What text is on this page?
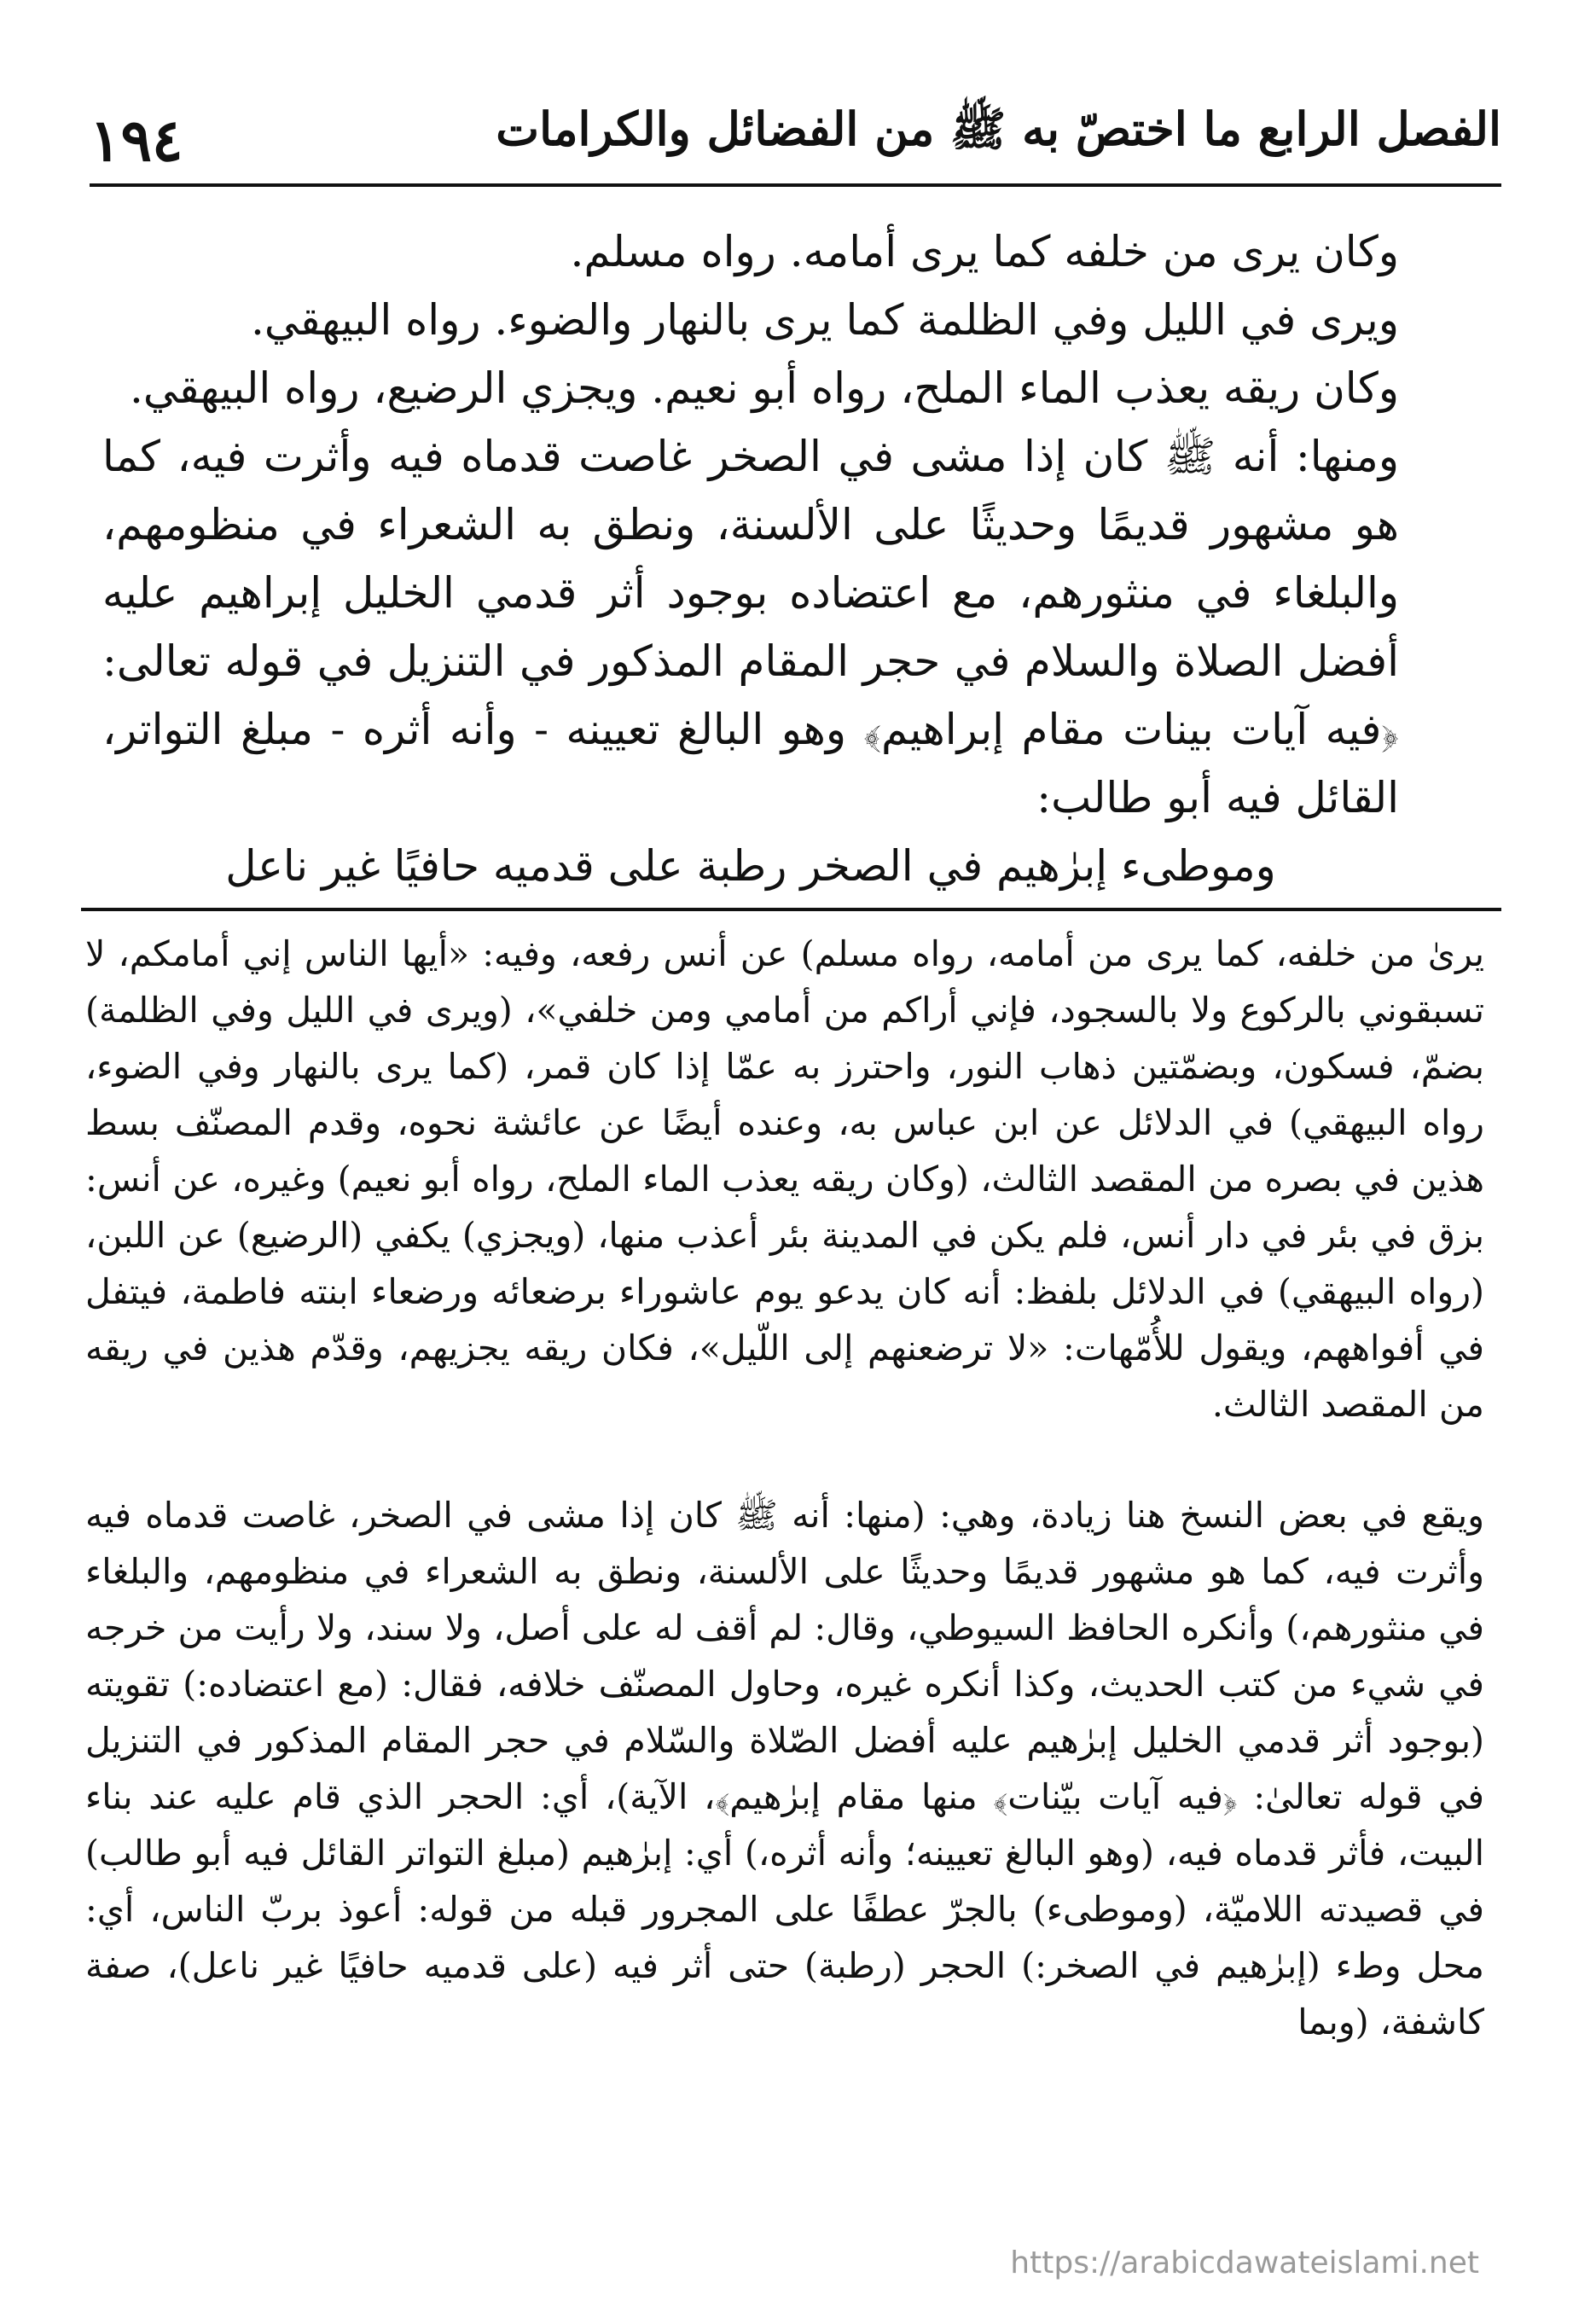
١٩٤	الفصل الرابع ما اختصّ به ﷺ من الفضائل والكرامات

وكان يرى من خلفه كما يرى أمامه. رواه مسلم.

ويرى في الليل وفي الظلمة كما يرى بالنهار والضوء. رواه البيهقي.

وكان ريقه يعذب الماء الملح، رواه أبو نعيم. ويجزي الرضيع، رواه البيهقي.

ومنها: أنه ﷺ كان إذا مشى في الصخر غاصت قدماه فيه وأثرت فيه، كما هو مشهور قديمًا وحديثًا على الألسنة، ونطق به الشعراء في منظومهم، والبلغاء في منثورهم، مع اعتضاده بوجود أثر قدمي الخليل إبراهيم عليه أفضل الصلاة والسلام في حجر المقام المذكور في التنزيل في قوله تعالى: ﴿فيه آيات بينات مقام إبراهيم﴾ وهو البالغ تعيينه - وأنه أثره - مبلغ التواتر، القائل فيه أبو طالب:

وموطىء إبرٰهيم في الصخر رطبة على قدميه حافيًا غير ناعل

يرىٰ من خلفه، كما يرى من أمامه، رواه مسلم) عن أنس رفعه، وفيه: «أيها الناس إني أمامكم، لا تسبقوني بالركوع ولا بالسجود، فإني أراكم من أمامي ومن خلفي»، (ويرى في الليل وفي الظلمة) بضمّ، فسكون، وبضمّتين ذهاب النور، واحترز به عمّا إذا كان قمر، (كما يرى بالنهار وفي الضوء، رواه البيهقي) في الدلائل عن ابن عباس به، وعنده أيضًا عن عائشة نحوه، وقدم المصنّف بسط هذين في بصره من المقصد الثالث، (وكان ريقه يعذب الماء الملح، رواه أبو نعيم) وغيره، عن أنس: بزق في بئر في دار أنس، فلم يكن في المدينة بئر أعذب منها، (ويجزي) يكفي (الرضيع) عن اللبن، (رواه البيهقي) في الدلائل بلفظ: أنه كان يدعو يوم عاشوراء برضعائه ورضعاء ابنته فاطمة، فيتفل في أفواههم، ويقول للأُمّهات: «لا ترضعنهم إلى اللّيل»، فكان ريقه يجزيهم، وقدّم هذين في ريقه من المقصد الثالث.

ويقع في بعض النسخ هنا زيادة، وهي: (منها: أنه ﷺ كان إذا مشى في الصخر، غاصت قدماه فيه وأثرت فيه، كما هو مشهور قديمًا وحديثًا على الألسنة، ونطق به الشعراء في منظومهم، والبلغاء في منثورهم،) وأنكره الحافظ السيوطي، وقال: لم أقف له على أصل، ولا سند، ولا رأيت من خرجه في شيء من كتب الحديث، وكذا أنكره غيره، وحاول المصنّف خلافه، فقال: (مع اعتضاده:) تقويته (بوجود أثر قدمي الخليل إبرٰهيم عليه أفضل الصّلاة والسّلام في حجر المقام المذكور في التنزيل في قوله تعالىٰ: ﴿فيه آيات بيّنات﴾ منها مقام إبرٰهيم﴾، الآية)، أي: الحجر الذي قام عليه عند بناء البيت، فأثر قدماه فيه، (وهو البالغ تعيينه؛ وأنه أثره،) أي: إبرٰهيم (مبلغ التواتر القائل فيه أبو طالب) في قصيدته اللاميّة، (وموطىء) بالجرّ عطفًا على المجرور قبله من قوله: أعوذ بربّ الناس، أي: محل وطء (إبرٰهيم في الصخر:) الحجر (رطبة) حتى أثر فيه (على قدميه حافيًا غير ناعل)، صفة كاشفة، (وبما

https://arabicdawateislami.net
